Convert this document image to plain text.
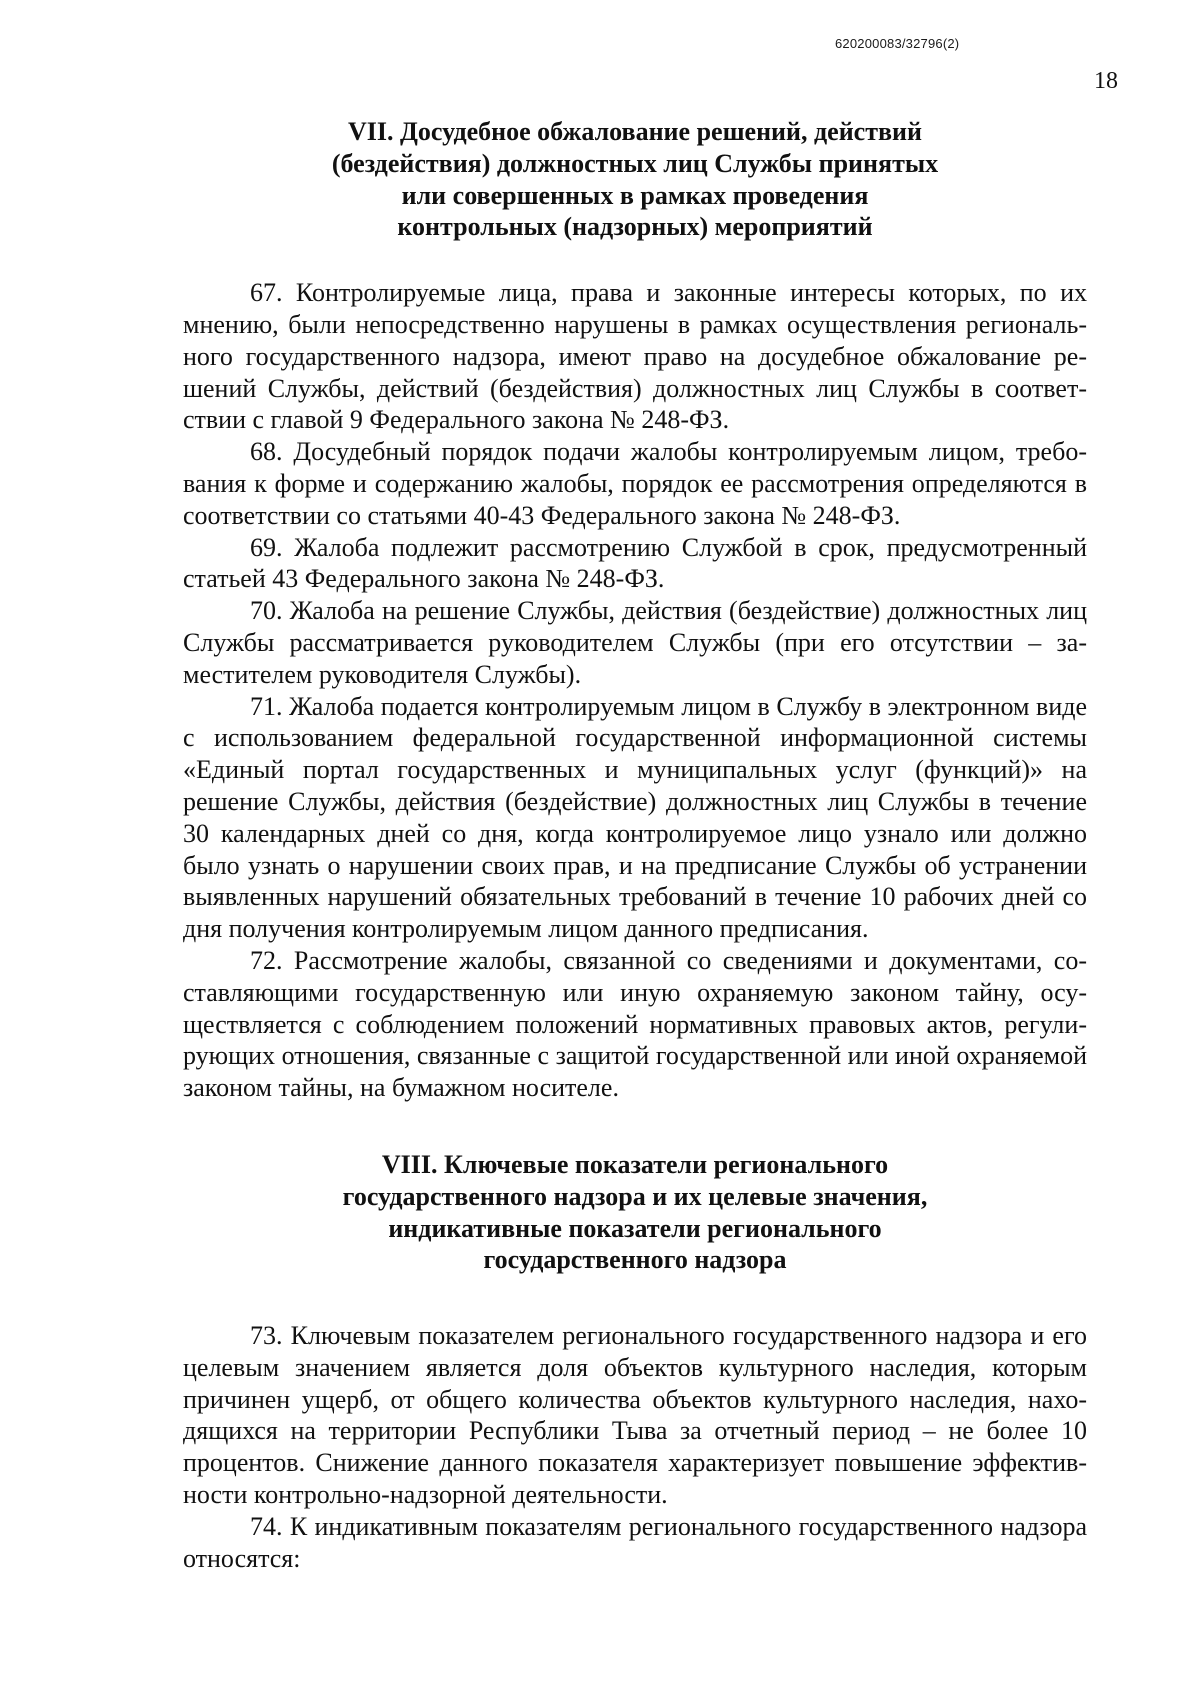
620200083/32796(2)
18
VII. Досудебное обжалование решений, действий
(бездействия) должностных лиц Службы принятых
или совершенных в рамках проведения
контрольных (надзорных) мероприятий

67. Контролируемые лица, права и законные интересы которых, по их мнению, были непосредственно нарушены в рамках осуществления регионального государственного надзора, имеют право на досудебное обжалование решений Службы, действий (бездействия) должностных лиц Службы в соответствии с главой 9 Федерального закона № 248-ФЗ.

68. Досудебный порядок подачи жалобы контролируемым лицом, требования к форме и содержанию жалобы, порядок ее рассмотрения определяются в соответствии со статьями 40-43 Федерального закона № 248-ФЗ.

69. Жалоба подлежит рассмотрению Службой в срок, предусмотренный статьей 43 Федерального закона № 248-ФЗ.

70. Жалоба на решение Службы, действия (бездействие) должностных лиц Службы рассматривается руководителем Службы (при его отсутствии – заместителем руководителя Службы).

71. Жалоба подается контролируемым лицом в Службу в электронном виде с использованием федеральной государственной информационной системы «Единый портал государственных и муниципальных услуг (функций)» на решение Службы, действия (бездействие) должностных лиц Службы в течение 30 календарных дней со дня, когда контролируемое лицо узнало или должно было узнать о нарушении своих прав, и на предписание Службы об устранении выявленных нарушений обязательных требований в течение 10 рабочих дней со дня получения контролируемым лицом данного предписания.

72. Рассмотрение жалобы, связанной со сведениями и документами, составляющими государственную или иную охраняемую законом тайну, осуществляется с соблюдением положений нормативных правовых актов, регулирующих отношения, связанные с защитой государственной или иной охраняемой законом тайны, на бумажном носителе.

VIII. Ключевые показатели регионального
государственного надзора и их целевые значения,
индикативные показатели регионального
государственного надзора

73. Ключевым показателем регионального государственного надзора и его целевым значением является доля объектов культурного наследия, которым причинен ущерб, от общего количества объектов культурного наследия, находящихся на территории Республики Тыва за отчетный период – не более 10 процентов. Снижение данного показателя характеризует повышение эффективности контрольно-надзорной деятельности.

74. К индикативным показателям регионального государственного надзора относятся:
